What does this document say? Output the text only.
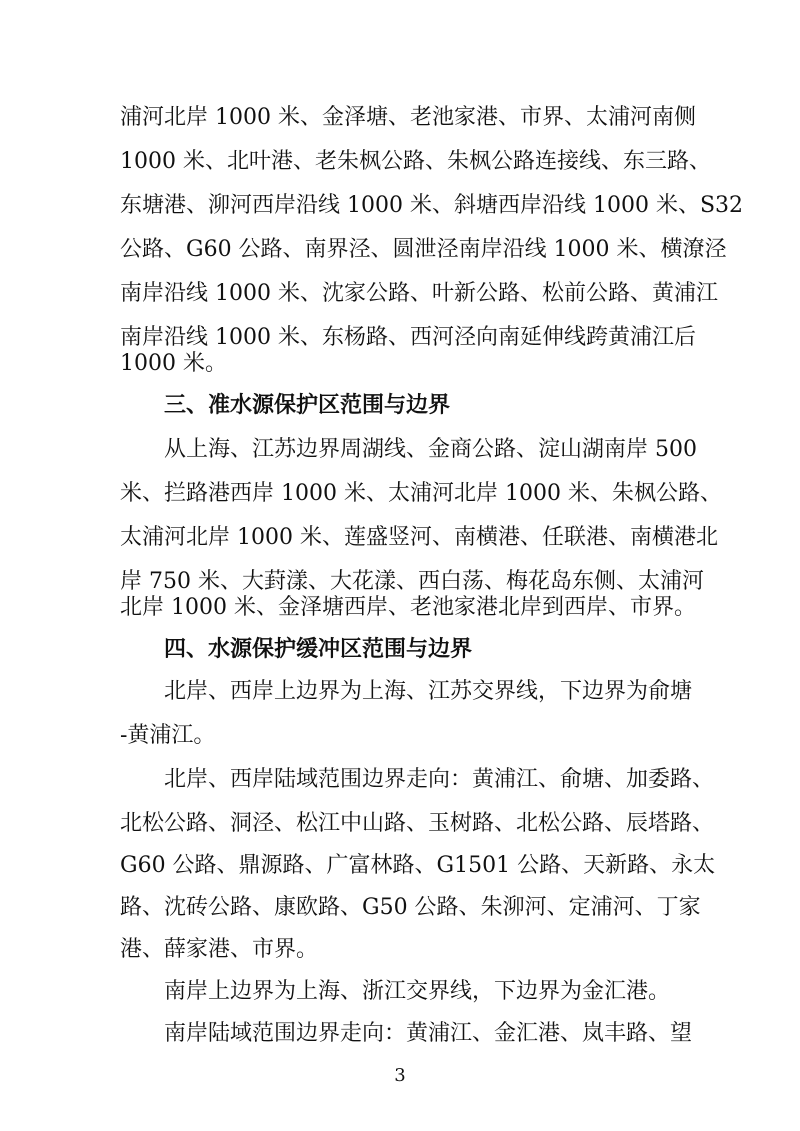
浦河北岸 1000 米、金泽塘、老池家港、市界、太浦河南侧
1000 米、北叶港、老朱枫公路、朱枫公路连接线、东三路、
东塘港、泖河西岸沿线 1000 米、斜塘西岸沿线 1000 米、S32
公路、G60 公路、南界泾、圆泄泾南岸沿线 1000 米、横潦泾
南岸沿线 1000 米、沈家公路、叶新公路、松前公路、黄浦江
南岸沿线 1000 米、东杨路、西河泾向南延伸线跨黄浦江后
1000 米。
三、准水源保护区范围与边界
从上海、江苏边界周湖线、金商公路、淀山湖南岸 500
米、拦路港西岸 1000 米、太浦河北岸 1000 米、朱枫公路、
太浦河北岸 1000 米、莲盛竖河、南横港、任联港、南横港北
岸 750 米、大葑漾、大花漾、西白荡、梅花岛东侧、太浦河
北岸 1000 米、金泽塘西岸、老池家港北岸到西岸、市界。
四、水源保护缓冲区范围与边界
北岸、西岸上边界为上海、江苏交界线，下边界为俞塘
-黄浦江。
北岸、西岸陆域范围边界走向：黄浦江、俞塘、加委路、
北松公路、洞泾、松江中山路、玉树路、北松公路、辰塔路、
G60 公路、鼎源路、广富林路、G1501 公路、天新路、永太
路、沈砖公路、康欧路、G50 公路、朱泖河、定浦河、丁家
港、薛家港、市界。
南岸上边界为上海、浙江交界线，下边界为金汇港。
南岸陆域范围边界走向：黄浦江、金汇港、岚丰路、望
3
